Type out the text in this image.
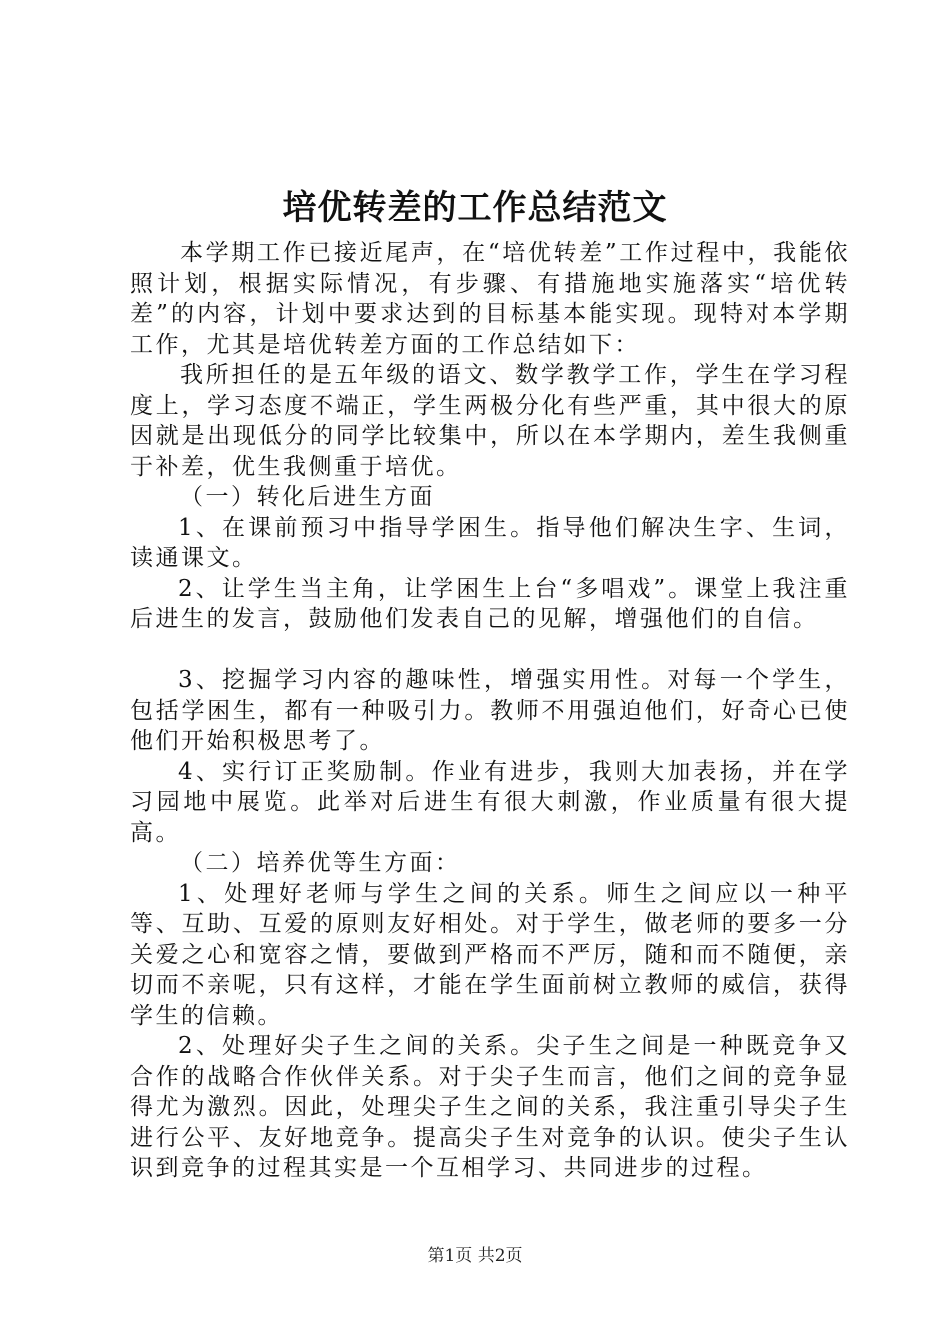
培优转差的工作总结范文

本学期工作已接近尾声，在“培优转差”工作过程中，我能依照计划，根据实际情况，有步骤、有措施地实施落实“培优转差”的内容，计划中要求达到的目标基本能实现。现特对本学期工作，尤其是培优转差方面的工作总结如下：

我所担任的是五年级的语文、数学教学工作，学生在学习程度上，学习态度不端正，学生两极分化有些严重，其中很大的原因就是出现低分的同学比较集中，所以在本学期内，差生我侧重于补差，优生我侧重于培优。

（一）转化后进生方面

1、在课前预习中指导学困生。指导他们解决生字、生词，读通课文。

2、让学生当主角，让学困生上台“多唱戏”。课堂上我注重后进生的发言，鼓励他们发表自己的见解，增强他们的自信。

3、挖掘学习内容的趣味性，增强实用性。对每一个学生，包括学困生，都有一种吸引力。教师不用强迫他们，好奇心已使他们开始积极思考了。

4、实行订正奖励制。作业有进步，我则大加表扬，并在学习园地中展览。此举对后进生有很大刺激，作业质量有很大提高。

（二）培养优等生方面：

1、处理好老师与学生之间的关系。师生之间应以一种平等、互助、互爱的原则友好相处。对于学生，做老师的要多一分关爱之心和宽容之情，要做到严格而不严厉，随和而不随便，亲切而不亲呢，只有这样，才能在学生面前树立教师的威信，获得学生的信赖。

2、处理好尖子生之间的关系。尖子生之间是一种既竞争又合作的战略合作伙伴关系。对于尖子生而言，他们之间的竞争显得尤为激烈。因此，处理尖子生之间的关系，我注重引导尖子生进行公平、友好地竞争。提高尖子生对竞争的认识。使尖子生认识到竞争的过程其实是一个互相学习、共同进步的过程。

第1页 共2页
